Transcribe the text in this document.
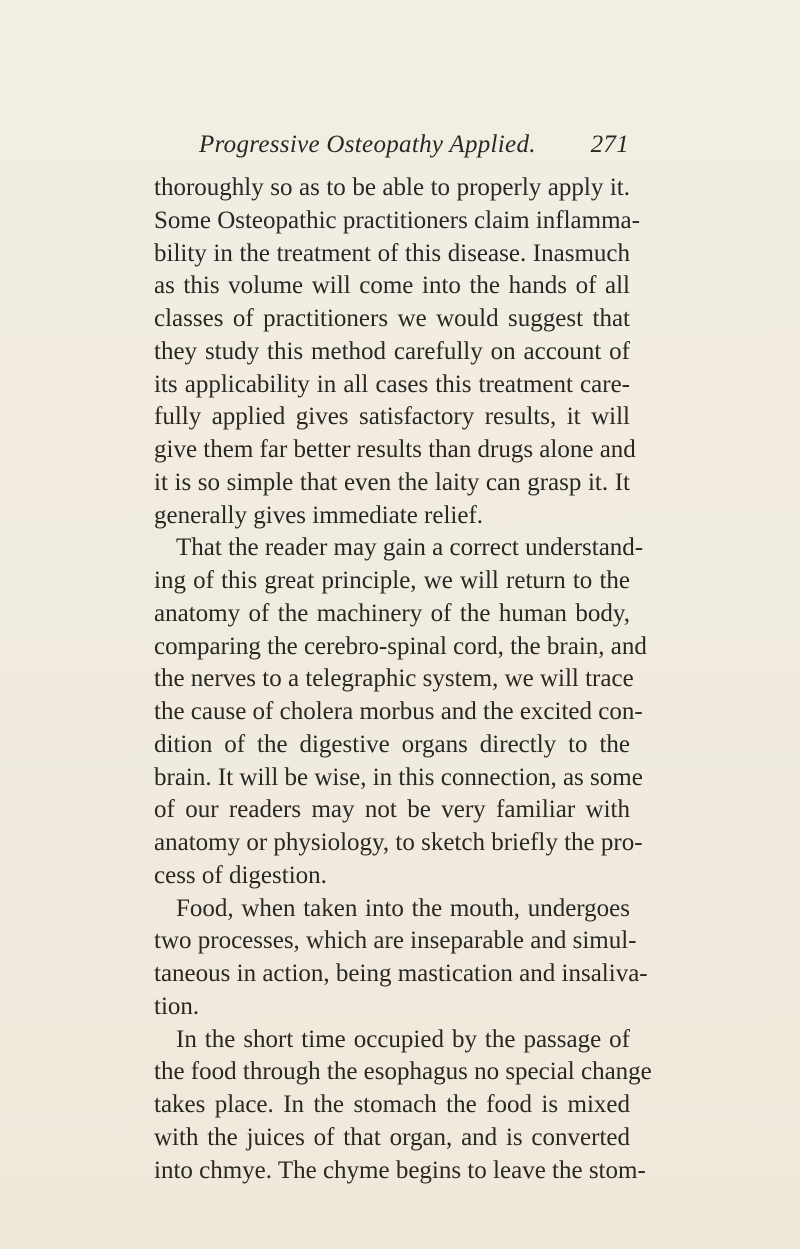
Progressive Osteopathy Applied. 271
thoroughly so as to be able to properly apply it.
Some Osteopathic practitioners claim inflamma-
bility in the treatment of this disease. Inasmuch
as this volume will come into the hands of all
classes of practitioners we would suggest that
they study this method carefully on account of
its applicability in all cases this treatment care-
fully applied gives satisfactory results, it will
give them far better results than drugs alone and
it is so simple that even the laity can grasp it. It
generally gives immediate relief.
That the reader may gain a correct understand-
ing of this great principle, we will return to the
anatomy of the machinery of the human body,
comparing the cerebro-spinal cord, the brain, and
the nerves to a telegraphic system, we will trace
the cause of cholera morbus and the excited con-
dition of the digestive organs directly to the
brain. It will be wise, in this connection, as some
of our readers may not be very familiar with
anatomy or physiology, to sketch briefly the pro-
cess of digestion.
Food, when taken into the mouth, undergoes
two processes, which are inseparable and simul-
taneous in action, being mastication and insaliva-
tion.
In the short time occupied by the passage of
the food through the esophagus no special change
takes place. In the stomach the food is mixed
with the juices of that organ, and is converted
into chmye. The chyme begins to leave the stom-
